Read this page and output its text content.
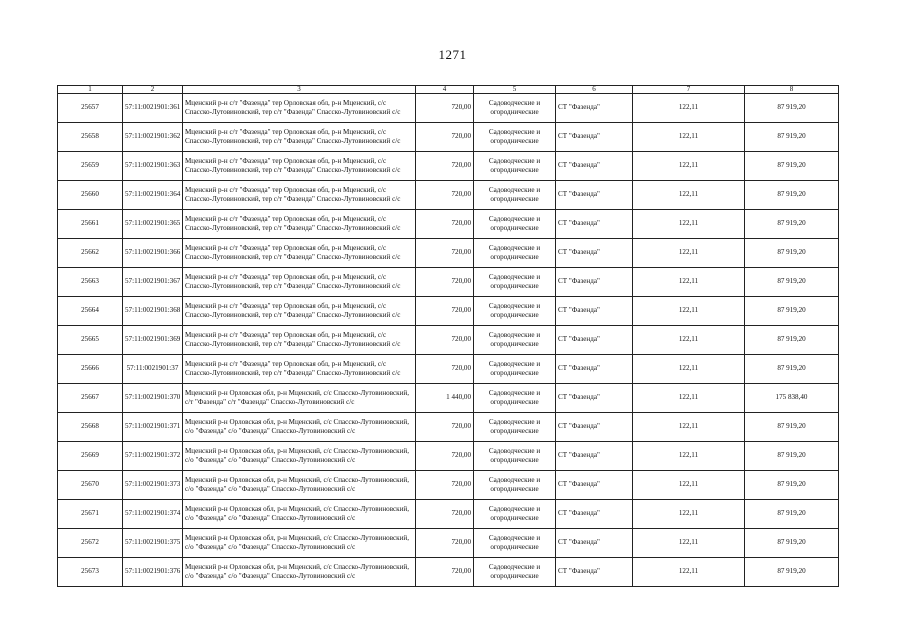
1271
1	2	3	4	5	6	7	8
25657	57:11:0021901:361	Мценский р-н с/т "Фазенда" тер Орловская обл, р-н Мценский, с/с Спасско-Лутовиновский, тер с/т "Фазенда" Спасско-Лутовиновский с/с	720,00	Садоводческие и огороднические	СТ "Фазенда"	122,11	87 919,20
25658	57:11:0021901:362	Мценский р-н с/т "Фазенда" тер Орловская обл, р-н Мценский, с/с Спасско-Лутовиновский, тер с/т "Фазенда" Спасско-Лутовиновский с/с	720,00	Садоводческие и огороднические	СТ "Фазенда"	122,11	87 919,20
25659	57:11:0021901:363	Мценский р-н с/т "Фазенда" тер Орловская обл, р-н Мценский, с/с Спасско-Лутовиновский, тер с/т "Фазенда" Спасско-Лутовиновский с/с	720,00	Садоводческие и огороднические	СТ "Фазенда"	122,11	87 919,20
25660	57:11:0021901:364	Мценский р-н с/т "Фазенда" тер Орловская обл, р-н Мценский, с/с Спасско-Лутовиновский, тер с/т "Фазенда" Спасско-Лутовиновский с/с	720,00	Садоводческие и огороднические	СТ "Фазенда"	122,11	87 919,20
25661	57:11:0021901:365	Мценский р-н с/т "Фазенда" тер Орловская обл, р-н Мценский, с/с Спасско-Лутовиновский, тер с/т "Фазенда" Спасско-Лутовиновский с/с	720,00	Садоводческие и огороднические	СТ "Фазенда"	122,11	87 919,20
25662	57:11:0021901:366	Мценский р-н с/т "Фазенда" тер Орловская обл, р-н Мценский, с/с Спасско-Лутовиновский, тер с/т "Фазенда" Спасско-Лутовиновский с/с	720,00	Садоводческие и огороднические	СТ "Фазенда"	122,11	87 919,20
25663	57:11:0021901:367	Мценский р-н с/т "Фазенда" тер Орловская обл, р-н Мценский, с/с Спасско-Лутовиновский, тер с/т "Фазенда" Спасско-Лутовиновский с/с	720,00	Садоводческие и огороднические	СТ "Фазенда"	122,11	87 919,20
25664	57:11:0021901:368	Мценский р-н с/т "Фазенда" тер Орловская обл, р-н Мценский, с/с Спасско-Лутовиновский, тер с/т "Фазенда" Спасско-Лутовиновский с/с	720,00	Садоводческие и огороднические	СТ "Фазенда"	122,11	87 919,20
25665	57:11:0021901:369	Мценский р-н с/т "Фазенда" тер Орловская обл, р-н Мценский, с/с Спасско-Лутовиновский, тер с/т "Фазенда" Спасско-Лутовиновский с/с	720,00	Садоводческие и огороднические	СТ "Фазенда"	122,11	87 919,20
25666	57:11:0021901:37	Мценский р-н с/т "Фазенда" тер Орловская обл, р-н Мценский, с/с Спасско-Лутовиновский, тер с/т "Фазенда" Спасско-Лутовиновский с/с	720,00	Садоводческие и огороднические	СТ "Фазенда"	122,11	87 919,20
25667	57:11:0021901:370	Мценский р-н Орловская обл, р-н Мценский, с/с Спасско-Лутовиновский, с/т "Фазенда" с/т "Фазенда" Спасско-Лутовиновский с/с	1 440,00	Садоводческие и огороднические	СТ "Фазенда"	122,11	175 838,40
25668	57:11:0021901:371	Мценский р-н Орловская обл, р-н Мценский, с/с Спасско-Лутовиновский, с/о "Фазенда" с/о "Фазенда" Спасско-Лутовиновский с/с	720,00	Садоводческие и огороднические	СТ "Фазенда"	122,11	87 919,20
25669	57:11:0021901:372	Мценский р-н Орловская обл, р-н Мценский, с/с Спасско-Лутовиновский, с/о "Фазенда" с/о "Фазенда" Спасско-Лутовиновский с/с	720,00	Садоводческие и огороднические	СТ "Фазенда"	122,11	87 919,20
25670	57:11:0021901:373	Мценский р-н Орловская обл, р-н Мценский, с/с Спасско-Лутовиновский, с/о "Фазенда" с/о "Фазенда" Спасско-Лутовиновский с/с	720,00	Садоводческие и огороднические	СТ "Фазенда"	122,11	87 919,20
25671	57:11:0021901:374	Мценский р-н Орловская обл, р-н Мценский, с/с Спасско-Лутовиновский, с/о "Фазенда" с/о "Фазенда" Спасско-Лутовиновский с/с	720,00	Садоводческие и огороднические	СТ "Фазенда"	122,11	87 919,20
25672	57:11:0021901:375	Мценский р-н Орловская обл, р-н Мценский, с/с Спасско-Лутовиновский, с/о "Фазенда" с/о "Фазенда" Спасско-Лутовиновский с/с	720,00	Садоводческие и огороднические	СТ "Фазенда"	122,11	87 919,20
25673	57:11:0021901:376	Мценский р-н Орловская обл, р-н Мценский, с/с Спасско-Лутовиновский, с/о "Фазенда" с/о "Фазенда" Спасско-Лутовиновский с/с	720,00	Садоводческие и огороднические	СТ "Фазенда"	122,11	87 919,20
